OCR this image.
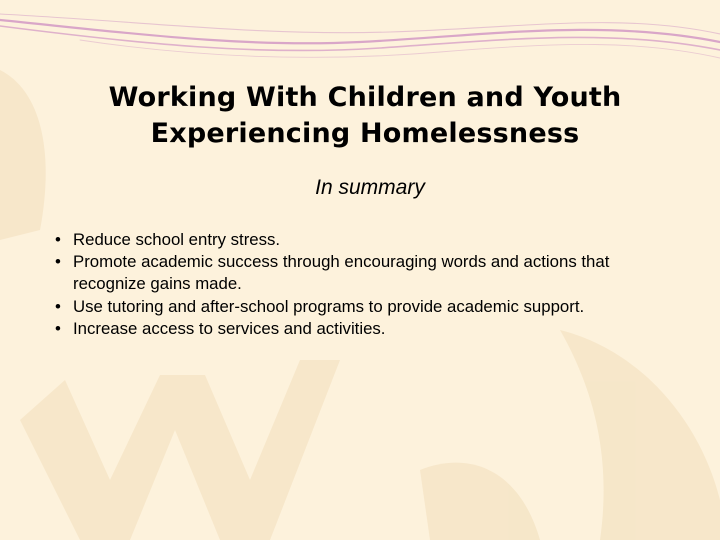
Working With Children and Youth
Experiencing Homelessness
In summary
• Reduce school entry stress.
• Promote academic success through encouraging words and actions that recognize gains made.
• Use tutoring and after-school programs to provide academic support.
• Increase access to services and activities.
